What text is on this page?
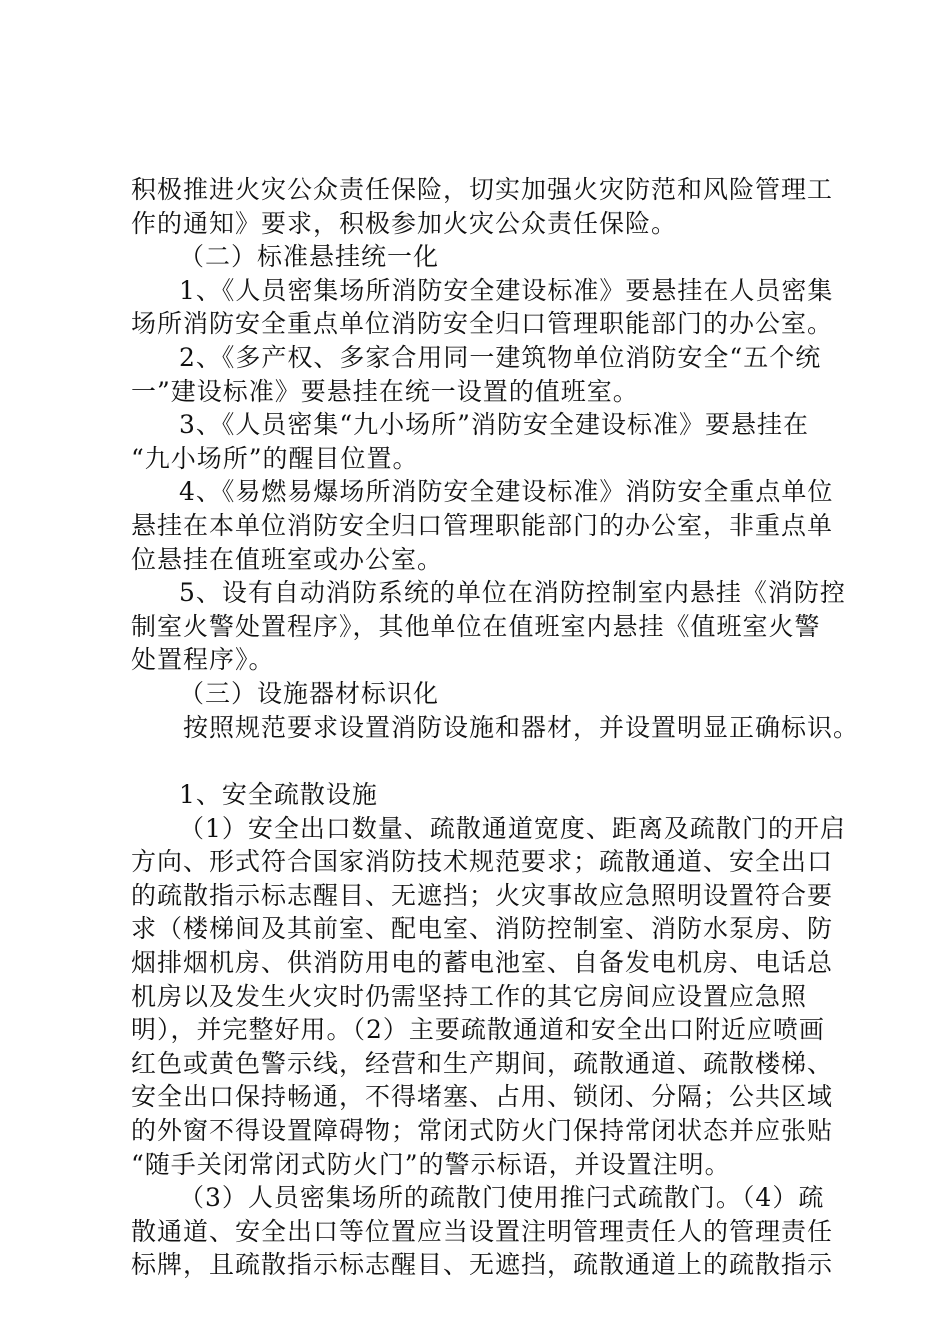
积极推进火灾公众责任保险，切实加强火灾防范和风险管理工
作的通知》要求，积极参加火灾公众责任保险。
（二）标准悬挂统一化
1、《人员密集场所消防安全建设标准》要悬挂在人员密集
场所消防安全重点单位消防安全归口管理职能部门的办公室。
2、《多产权、多家合用同一建筑物单位消防安全“五个统
一”建设标准》要悬挂在统一设置的值班室。
3、《人员密集“九小场所”消防安全建设标准》要悬挂在
“九小场所”的醒目位置。
4、《易燃易爆场所消防安全建设标准》消防安全重点单位
悬挂在本单位消防安全归口管理职能部门的办公室，非重点单
位悬挂在值班室或办公室。
5、设有自动消防系统的单位在消防控制室内悬挂《消防控
制室火警处置程序》，其他单位在值班室内悬挂《值班室火警
处置程序》。
（三）设施器材标识化
按照规范要求设置消防设施和器材，并设置明显正确标识。
1、安全疏散设施
（1）安全出口数量、疏散通道宽度、距离及疏散门的开启
方向、形式符合国家消防技术规范要求；疏散通道、安全出口
的疏散指示标志醒目、无遮挡；火灾事故应急照明设置符合要
求（楼梯间及其前室、配电室、消防控制室、消防水泵房、防
烟排烟机房、供消防用电的蓄电池室、自备发电机房、电话总
机房以及发生火灾时仍需坚持工作的其它房间应设置应急照
明），并完整好用。（2）主要疏散通道和安全出口附近应喷画
红色或黄色警示线，经营和生产期间，疏散通道、疏散楼梯、
安全出口保持畅通，不得堵塞、占用、锁闭、分隔；公共区域
的外窗不得设置障碍物；常闭式防火门保持常闭状态并应张贴
“随手关闭常闭式防火门”的警示标语，并设置注明。
（3）人员密集场所的疏散门使用推闩式疏散门。（4）疏
散通道、安全出口等位置应当设置注明管理责任人的管理责任
标牌，且疏散指示标志醒目、无遮挡，疏散通道上的疏散指示
